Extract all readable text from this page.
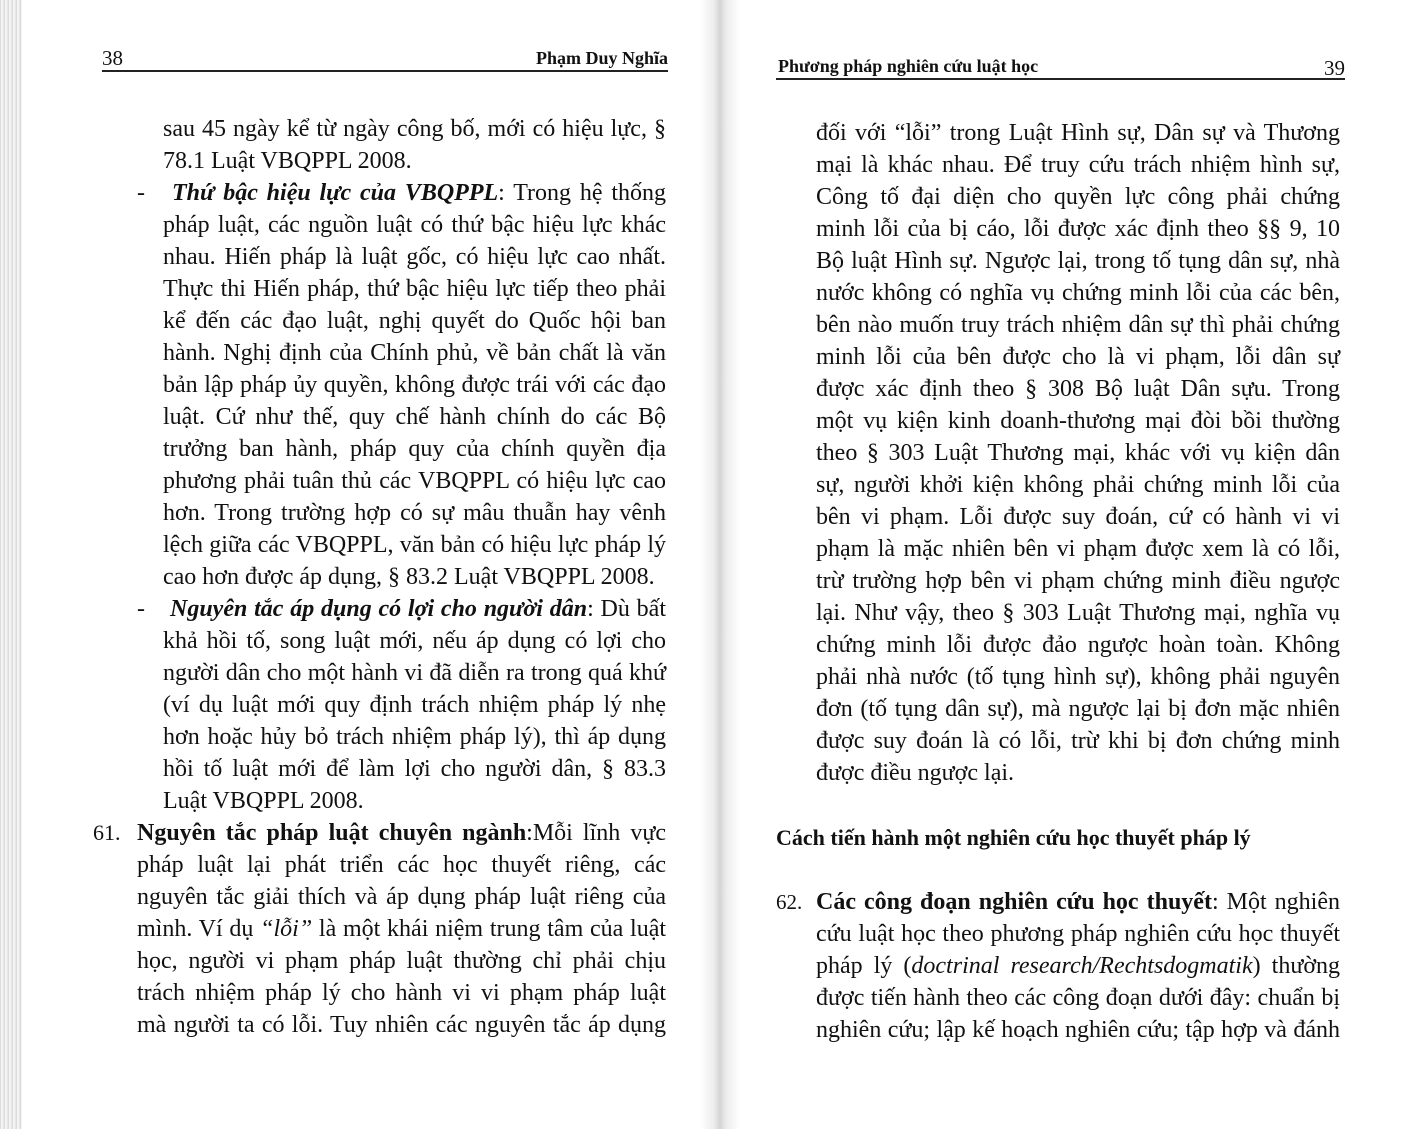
38	Phạm Duy Nghĩa
sau 45 ngày kể từ ngày công bố, mới có hiệu lực, §
78.1 Luật VBQPPL 2008.
- Thứ bậc hiệu lực của VBQPPL: Trong hệ thống
pháp luật, các nguồn luật có thứ bậc hiệu lực khác
nhau. Hiến pháp là luật gốc, có hiệu lực cao nhất.
Thực thi Hiến pháp, thứ bậc hiệu lực tiếp theo phải
kể đến các đạo luật, nghị quyết do Quốc hội ban
hành. Nghị định của Chính phủ, về bản chất là văn
bản lập pháp ủy quyền, không được trái với các đạo
luật. Cứ như thế, quy chế hành chính do các Bộ
trưởng ban hành, pháp quy của chính quyền địa
phương phải tuân thủ các VBQPPL có hiệu lực cao
hơn. Trong trường hợp có sự mâu thuẫn hay vênh
lệch giữa các VBQPPL, văn bản có hiệu lực pháp lý
cao hơn được áp dụng, § 83.2 Luật VBQPPL 2008.
- Nguyên tắc áp dụng có lợi cho người dân: Dù bất
khả hồi tố, song luật mới, nếu áp dụng có lợi cho
người dân cho một hành vi đã diễn ra trong quá khứ
(ví dụ luật mới quy định trách nhiệm pháp lý nhẹ
hơn hoặc hủy bỏ trách nhiệm pháp lý), thì áp dụng
hồi tố luật mới để làm lợi cho người dân, § 83.3
Luật VBQPPL 2008.
61. Nguyên tắc pháp luật chuyên ngành:Mỗi lĩnh vực
pháp luật lại phát triển các học thuyết riêng, các
nguyên tắc giải thích và áp dụng pháp luật riêng của
mình. Ví dụ “lỗi” là một khái niệm trung tâm của luật
học, người vi phạm pháp luật thường chỉ phải chịu
trách nhiệm pháp lý cho hành vi vi phạm pháp luật
mà người ta có lỗi. Tuy nhiên các nguyên tắc áp dụng
Phương pháp nghiên cứu luật học	39
đối với “lỗi” trong Luật Hình sự, Dân sự và Thương
mại là khác nhau. Để truy cứu trách nhiệm hình sự,
Công tố đại diện cho quyền lực công phải chứng
minh lỗi của bị cáo, lỗi được xác định theo §§ 9, 10
Bộ luật Hình sự. Ngược lại, trong tố tụng dân sự, nhà
nước không có nghĩa vụ chứng minh lỗi của các bên,
bên nào muốn truy trách nhiệm dân sự thì phải chứng
minh lỗi của bên được cho là vi phạm, lỗi dân sự
được xác định theo § 308 Bộ luật Dân sựu. Trong
một vụ kiện kinh doanh-thương mại đòi bồi thường
theo § 303 Luật Thương mại, khác với vụ kiện dân
sự, người khởi kiện không phải chứng minh lỗi của
bên vi phạm. Lỗi được suy đoán, cứ có hành vi vi
phạm là mặc nhiên bên vi phạm được xem là có lỗi,
trừ trường hợp bên vi phạm chứng minh điều ngược
lại. Như vậy, theo § 303 Luật Thương mại, nghĩa vụ
chứng minh lỗi được đảo ngược hoàn toàn. Không
phải nhà nước (tố tụng hình sự), không phải nguyên
đơn (tố tụng dân sự), mà ngược lại bị đơn mặc nhiên
được suy đoán là có lỗi, trừ khi bị đơn chứng minh
được điều ngược lại.
Cách tiến hành một nghiên cứu học thuyết pháp lý
62. Các công đoạn nghiên cứu học thuyết: Một nghiên
cứu luật học theo phương pháp nghiên cứu học thuyết
pháp lý (doctrinal research/Rechtsdogmatik) thường
được tiến hành theo các công đoạn dưới đây: chuẩn bị
nghiên cứu; lập kế hoạch nghiên cứu; tập hợp và đánh
